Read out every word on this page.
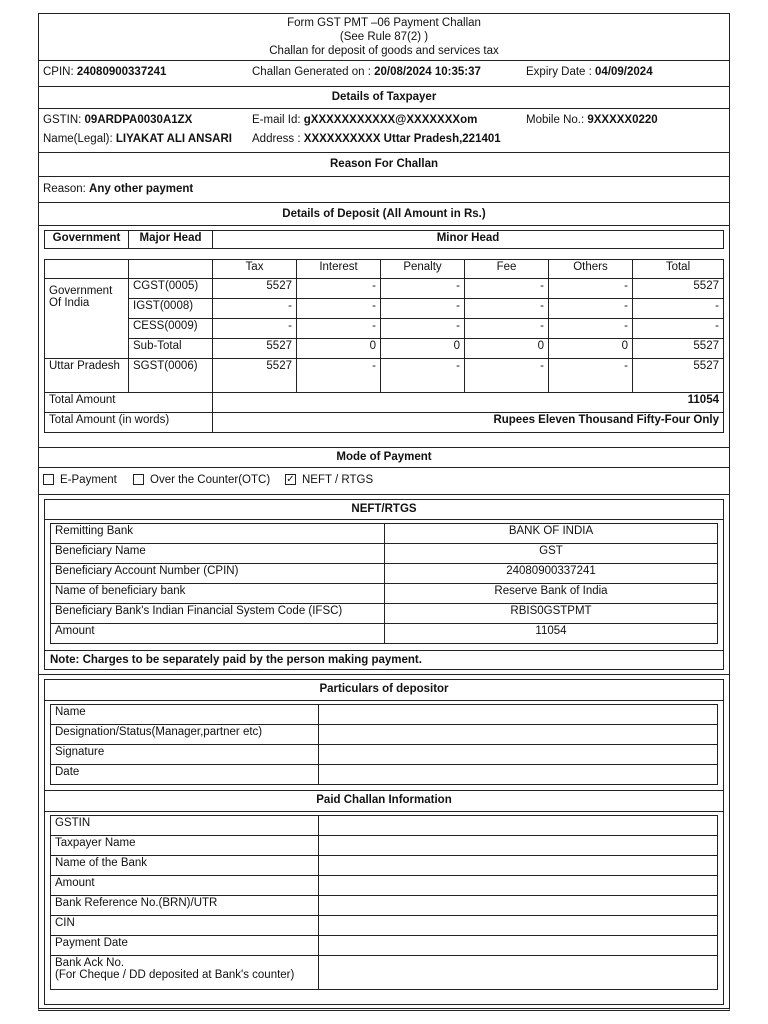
Form GST PMT –06 Payment Challan
(See Rule 87(2) )
Challan for deposit of goods and services tax
CPIN: 24080900337241	Challan Generated on : 20/08/2024 10:35:37	Expiry Date : 04/09/2024
Details of Taxpayer
GSTIN: 09ARDPA0030A1ZX	E-mail Id: gXXXXXXXXXXX@XXXXXXXom	Mobile No.: 9XXXXX0220
Name(Legal): LIYAKAT ALI ANSARI Address : XXXXXXXXXX Uttar Pradesh,221401
Reason For Challan
Reason: Any other payment
Details of Deposit (All Amount in Rs.)
Government	Major Head	Minor Head
		Tax	Interest	Penalty	Fee	Others	Total
Government Of India	CGST(0005)	5527	-	-	-	-	5527
	IGST(0008)	-	-	-	-	-	-
	CESS(0009)	-	-	-	-	-	-
	Sub-Total	5527	0	0	0	0	5527
Uttar Pradesh	SGST(0006)	5527	-	-	-	-	5527
Total Amount		11054					
Total Amount (in words)		Rupees Eleven Thousand Fifty-Four Only					
Mode of Payment
E-Payment	Over the Counter(OTC) ✓ NEFT / RTGS
NEFT/RTGS
Remitting Bank	BANK OF INDIA
Beneficiary Name	GST
Beneficiary Account Number (CPIN)	24080900337241
Name of beneficiary bank	Reserve Bank of India
Beneficiary Bank's Indian Financial System Code (IFSC)	RBIS0GSTPMT
Amount	11054
Note: Charges to be separately paid by the person making payment.
Particulars of depositor
Name	
Designation/Status(Manager,partner etc)	
Signature	
Date	
Paid Challan Information
GSTIN	
Taxpayer Name	
Name of the Bank	
Amount	
Bank Reference No.(BRN)/UTR	
CIN	
Payment Date	

Bank Ack No.
(For Cheque / DD deposited at Bank's counter)	
